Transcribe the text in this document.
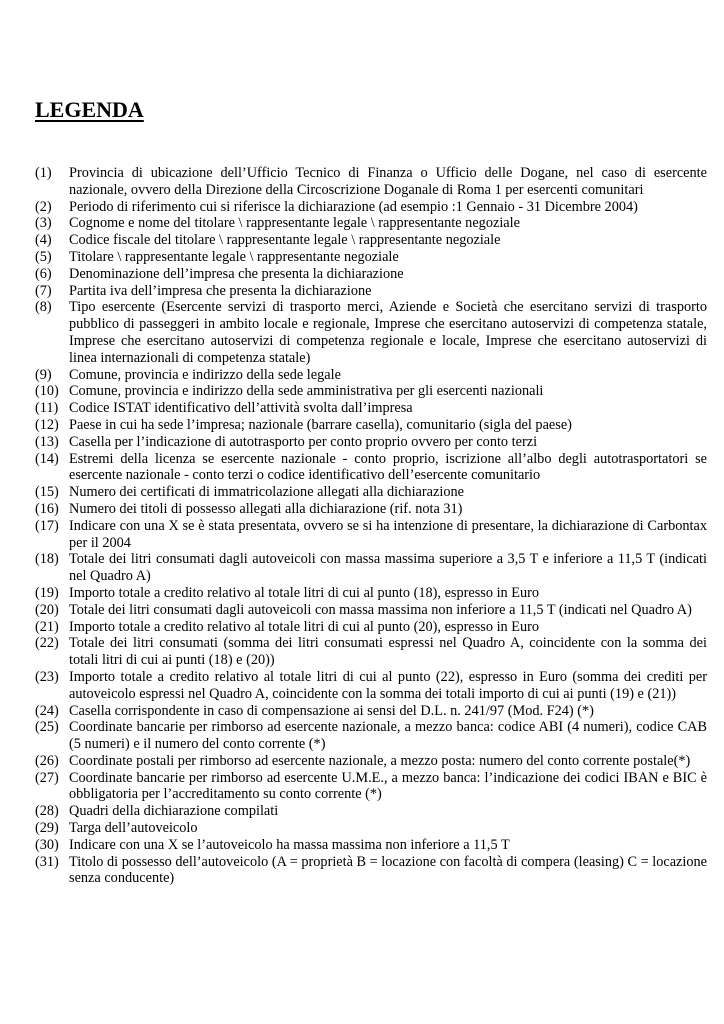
LEGENDA
(1)	Provincia di ubicazione dell’Ufficio Tecnico di Finanza o Ufficio delle Dogane, nel caso di esercente nazionale, ovvero della Direzione della Circoscrizione Doganale di Roma 1 per esercenti comunitari
(2)	Periodo di riferimento cui si riferisce la dichiarazione (ad esempio :1 Gennaio - 31 Dicembre 2004)
(3)	Cognome e nome del titolare \ rappresentante legale \ rappresentante negoziale
(4)	Codice fiscale del titolare \ rappresentante legale \ rappresentante negoziale
(5)	Titolare \ rappresentante legale \ rappresentante negoziale
(6)	Denominazione dell’impresa che presenta la dichiarazione
(7)	Partita iva dell’impresa che presenta la dichiarazione
(8)	Tipo esercente (Esercente servizi di trasporto merci, Aziende e Società che esercitano servizi di trasporto pubblico di passeggeri in ambito locale e regionale, Imprese che esercitano autoservizi di competenza statale, Imprese che esercitano autoservizi di competenza regionale e locale, Imprese che esercitano autoservizi di linea internazionali di competenza statale)
(9)	Comune, provincia e indirizzo della sede legale
(10) Comune, provincia e indirizzo della sede amministrativa per gli esercenti nazionali
(11) Codice ISTAT identificativo dell’attività svolta dall’impresa
(12) Paese in cui ha sede l’impresa; nazionale (barrare casella), comunitario (sigla del paese)
(13) Casella per l’indicazione di autotrasporto per conto proprio ovvero per conto terzi
(14) Estremi della licenza se esercente nazionale - conto proprio, iscrizione all’albo degli autotrasportatori se esercente nazionale - conto terzi o codice identificativo dell’esercente comunitario
(15) Numero dei certificati di immatricolazione allegati alla dichiarazione
(16) Numero dei titoli di possesso allegati alla dichiarazione (rif. nota 31)
(17) Indicare con una X se è stata presentata, ovvero se si ha intenzione di presentare, la dichiarazione di Carbontax per il 2004
(18) Totale dei litri consumati dagli autoveicoli con massa massima superiore a 3,5 T e inferiore a 11,5 T (indicati nel Quadro A)
(19) Importo totale a credito relativo al totale litri di cui al punto (18), espresso in Euro
(20) Totale dei litri consumati dagli autoveicoli con massa massima non inferiore a 11,5 T (indicati nel Quadro A)
(21) Importo totale a credito relativo al totale litri di cui al punto (20), espresso in Euro
(22) Totale dei litri consumati (somma dei litri consumati espressi nel Quadro A, coincidente con la somma dei totali litri di cui ai punti (18) e (20))
(23) Importo totale a credito relativo al totale litri di cui al punto (22), espresso in Euro (somma dei crediti per autoveicolo espressi nel Quadro A, coincidente con la somma dei totali importo di cui ai punti (19) e (21))
(24) Casella corrispondente in caso di compensazione ai sensi del D.L. n. 241/97 (Mod. F24) (*)
(25) Coordinate bancarie per rimborso ad esercente nazionale, a mezzo banca: codice ABI (4 numeri), codice CAB (5 numeri) e il numero del conto corrente (*)
(26) Coordinate postali per rimborso ad esercente nazionale, a mezzo posta: numero del conto corrente postale(*)
(27) Coordinate bancarie per rimborso ad esercente U.M.E., a mezzo banca: l’indicazione dei codici IBAN e BIC è obbligatoria per l’accreditamento su conto corrente (*)
(28) Quadri della dichiarazione compilati
(29) Targa dell’autoveicolo
(30) Indicare con una X se l’autoveicolo ha massa massima non inferiore a 11,5 T
(31) Titolo di possesso dell’autoveicolo (A = proprietà B = locazione con facoltà di compera (leasing) C = locazione senza conducente)
